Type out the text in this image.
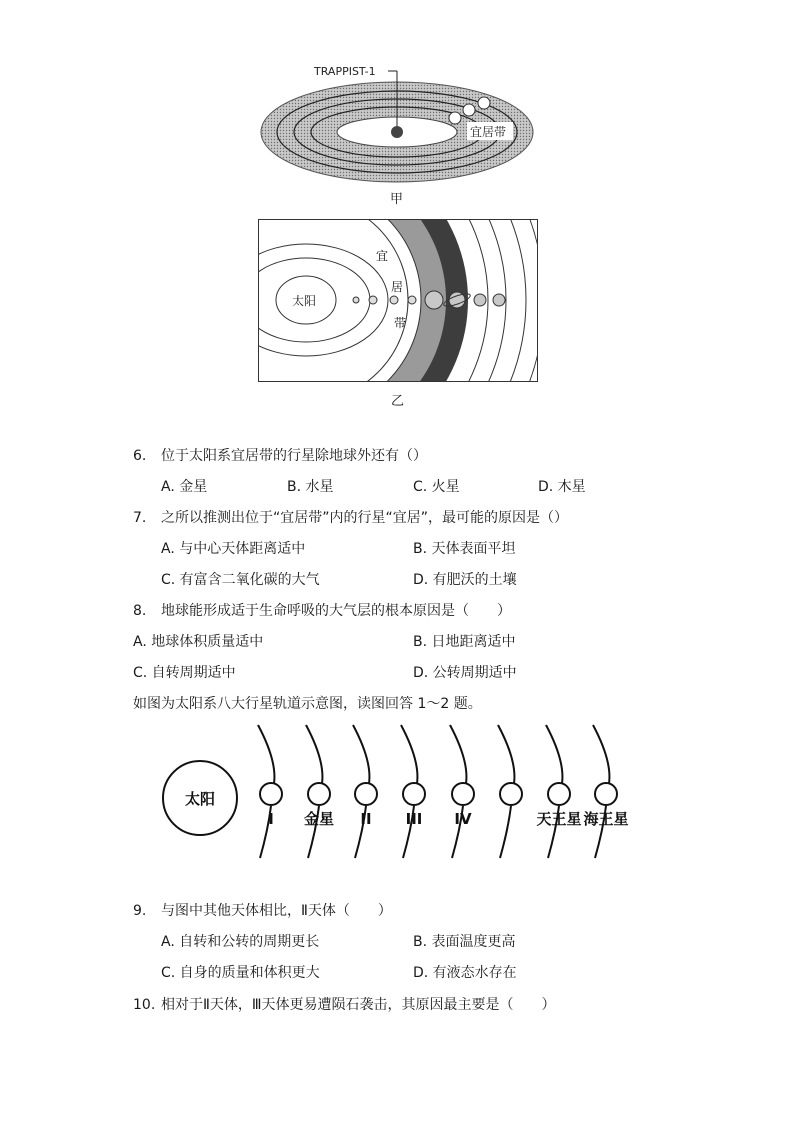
TRAPPIST-1
宜居带
甲
太阳
宜
居
带
乙
6. 位于太阳系宜居带的行星除地球外还有（）
A. 金星	B. 水星	C. 火星	D. 木星
7. 之所以推测出位于“宜居带”内的行星“宜居”，最可能的原因是（）
A. 与中心天体距离适中	B. 天体表面平坦
C. 有富含二氧化碳的大气	D. 有肥沃的土壤
8. 地球能形成适于生命呼吸的大气层的根本原因是（　　）
A. 地球体积质量适中	B. 日地距离适中
C. 自转周期适中	D. 公转周期适中
如图为太阳系八大行星轨道示意图，读图回答 1～2 题。
太阳
I 金星 II III IV	天王星 海王星
9. 与图中其他天体相比，Ⅱ天体（　　）
A. 自转和公转的周期更长	B. 表面温度更高
C. 自身的质量和体积更大	D. 有液态水存在
10. 相对于Ⅱ天体，Ⅲ天体更易遭陨石袭击，其原因最主要是（　　）
